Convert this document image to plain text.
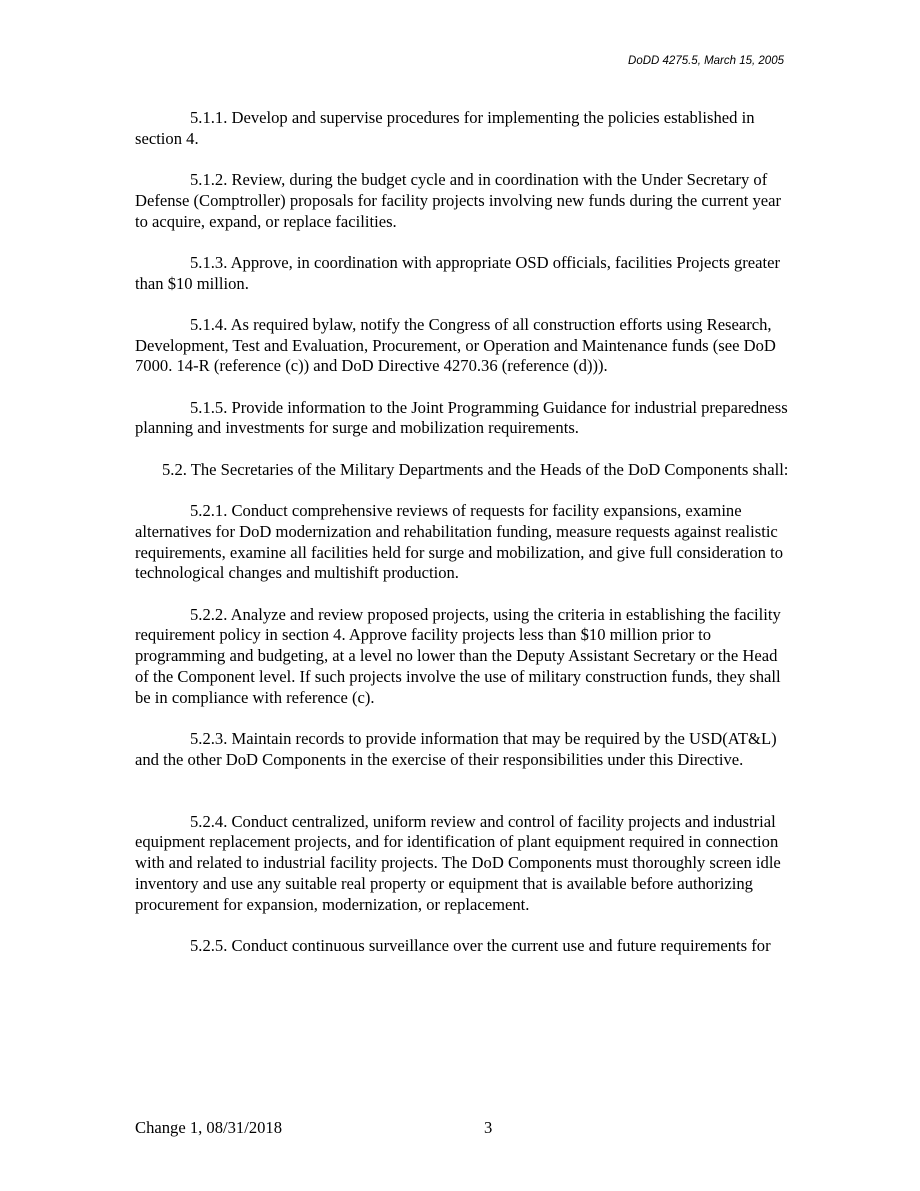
DoDD 4275.5, March 15, 2005

5.1.1. Develop and supervise procedures for implementing the policies established in section 4.

5.1.2. Review, during the budget cycle and in coordination with the Under Secretary of Defense (Comptroller) proposals for facility projects involving new funds during the current year to acquire, expand, or replace facilities.

5.1.3. Approve, in coordination with appropriate OSD officials, facilities Projects greater than $10 million.

5.1.4. As required bylaw, notify the Congress of all construction efforts using Research, Development, Test and Evaluation, Procurement, or Operation and Maintenance funds (see DoD 7000. 14-R (reference (c)) and DoD Directive 4270.36 (reference (d))).

5.1.5. Provide information to the Joint Programming Guidance for industrial preparedness planning and investments for surge and mobilization requirements.

5.2. The Secretaries of the Military Departments and the Heads of the DoD Components shall:

5.2.1. Conduct comprehensive reviews of requests for facility expansions, examine alternatives for DoD modernization and rehabilitation funding, measure requests against realistic requirements, examine all facilities held for surge and mobilization, and give full consideration to technological changes and multishift production.

5.2.2. Analyze and review proposed projects, using the criteria in establishing the facility requirement policy in section 4. Approve facility projects less than $10 million prior to programming and budgeting, at a level no lower than the Deputy Assistant Secretary or the Head of the Component level. If such projects involve the use of military construction funds, they shall be in compliance with reference (c).

5.2.3. Maintain records to provide information that may be required by the USD(AT&L) and the other DoD Components in the exercise of their responsibilities under this Directive.

5.2.4. Conduct centralized, uniform review and control of facility projects and industrial equipment replacement projects, and for identification of plant equipment required in connection with and related to industrial facility projects. The DoD Components must thoroughly screen idle inventory and use any suitable real property or equipment that is available before authorizing procurement for expansion, modernization, or replacement.

5.2.5. Conduct continuous surveillance over the current use and future requirements for

Change 1, 08/31/2018	3
